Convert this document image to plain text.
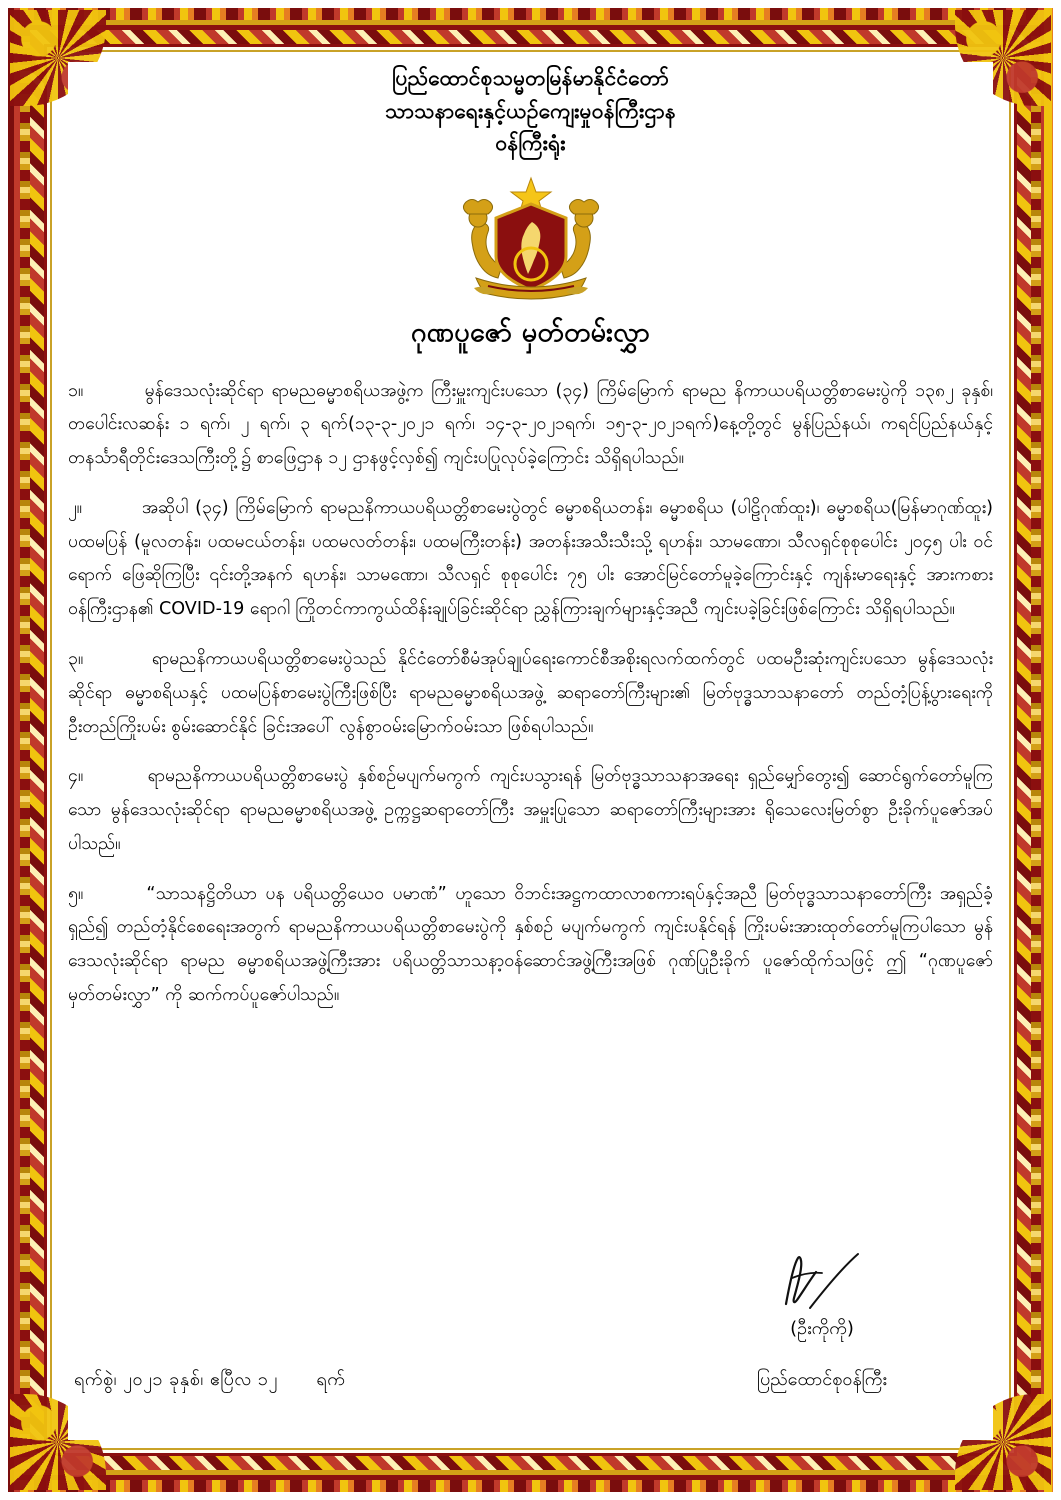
ပြည်ထောင်စုသမ္မတမြန်မာနိုင်ငံတော်
သာသနာရေးနှင့်ယဉ်ကျေးမှုဝန်ကြီးဌာန
ဝန်ကြီးရုံး
ဂုဏပူဇော် မှတ်တမ်းလွှာ

၁။	မွန်ဒေသလုံးဆိုင်ရာ ရာမညဓမ္မာစရိယအဖွဲ့က ကြီးမှူးကျင်းပသော (၃၄) ကြိမ်မြောက် ရာမည နိကာယပရိယတ္တိစာမေးပွဲကို ၁၃၈၂ ခုနှစ်၊ တပေါင်းလဆန်း ၁ ရက်၊ ၂ ရက်၊ ၃ ရက်(၁၃-၃-၂၀၂၁ ရက်၊ ၁၄-၃-၂၀၂၁ရက်၊ ၁၅-၃-၂၀၂၁ရက်)နေ့တို့တွင် မွန်ပြည်နယ်၊ ကရင်ပြည်နယ်နှင့် တနင်္သာရီတိုင်းဒေသကြီးတို့၌ စာဖြေဌာန ၁၂ ဌာနဖွင့်လှစ်၍ ကျင်းပပြုလုပ်ခဲ့ကြောင်း သိရှိရပါသည်။

၂။	အဆိုပါ (၃၄) ကြိမ်မြောက် ရာမညနိကာယပရိယတ္တိစာမေးပွဲတွင် ဓမ္မာစရိယတန်း၊ ဓမ္မာစရိယ (ပါဠိဂုဏ်ထူး)၊ ဓမ္မာစရိယ(မြန်မာဂုဏ်ထူး) ပထမပြန် (မူလတန်း၊ ပထမငယ်တန်း၊ ပထမလတ်တန်း၊ ပထမကြီးတန်း) အတန်းအသီးသီးသို့ ရဟန်း၊ သာမဏော၊ သီလရှင်စုစုပေါင်း ၂၀၄၅ ပါး ဝင်ရောက် ဖြေဆိုကြပြီး ၎င်းတို့အနက် ရဟန်း၊ သာမဏော၊ သီလရှင် စုစုပေါင်း ၇၅ ပါး အောင်မြင်တော်မူခဲ့ကြောင်းနှင့် ကျန်းမာရေးနှင့် အားကစားဝန်ကြီးဌာန၏ COVID-19 ရောဂါ ကြိုတင်ကာကွယ်ထိန်းချုပ်ခြင်းဆိုင်ရာ ညွှန်ကြားချက်များနှင့်အညီ ကျင်းပခဲ့ခြင်းဖြစ်ကြောင်း သိရှိရပါသည်။

၃။	ရာမညနိကာယပရိယတ္တိစာမေးပွဲသည် နိုင်ငံတော်စီမံအုပ်ချုပ်ရေးကောင်စီအစိုးရလက်ထက်တွင် ပထမဦးဆုံးကျင်းပသော မွန်ဒေသလုံးဆိုင်ရာ ဓမ္မာစရိယနှင့် ပထမပြန်စာမေးပွဲကြီးဖြစ်ပြီး ရာမညဓမ္မာစရိယအဖွဲ့ ဆရာတော်ကြီးများ၏ မြတ်ဗုဒ္ဓသာသနာတော် တည်တံ့ပြန့်ပွားရေးကို ဦးတည်ကြိုးပမ်း စွမ်းဆောင်နိုင် ခြင်းအပေါ် လွန်စွာဝမ်းမြောက်ဝမ်းသာ ဖြစ်ရပါသည်။

၄။	ရာမညနိကာယပရိယတ္တိစာမေးပွဲ နှစ်စဉ်မပျက်မကွက် ကျင်းပသွားရန် မြတ်ဗုဒ္ဓသာသနာအရေး ရှည်မျှော်တွေး၍ ဆောင်ရွက်တော်မူကြသော မွန်ဒေသလုံးဆိုင်ရာ ရာမညဓမ္မာစရိယအဖွဲ့ ဥက္ကဋ္ဌဆရာတော်ကြီး အမှူးပြုသော ဆရာတော်ကြီးများအား ရိုသေလေးမြတ်စွာ ဦးခိုက်ပူဇော်အပ်ပါသည်။

၅။	“သာသနဋ္ဌိတိယာ ပန ပရိယတ္တိယေဝ ပမာဏံ” ဟူသော ဝိဘင်းအဋ္ဌကထာလာစကားရပ်နှင့်အညီ မြတ်ဗုဒ္ဓသာသနာတော်ကြီး အရှည်ခံ့ရှည်၍ တည်တံ့နိုင်စေရေးအတွက် ရာမညနိကာယပရိယတ္တိစာမေးပွဲကို နှစ်စဉ် မပျက်မကွက် ကျင်းပနိုင်ရန် ကြိုးပမ်းအားထုတ်တော်မူကြပါသော မွန်ဒေသလုံးဆိုင်ရာ ရာမည ဓမ္မာစရိယအဖွဲ့ကြီးအား ပရိယတ္တိသာသနာ့ဝန်ဆောင်အဖွဲ့ကြီးအဖြစ် ဂုဏ်ပြုဦးခိုက် ပူဇော်ထိုက်သဖြင့် ဤ “ဂုဏပူဇော် မှတ်တမ်းလွှာ” ကို ဆက်ကပ်ပူဇော်ပါသည်။

ရက်စွဲ၊ ၂၀၂၁ ခုနှစ်၊ ဧပြီလ ၁၂ ရက်
(ဦးကိုကို)
ပြည်ထောင်စုဝန်ကြီး
